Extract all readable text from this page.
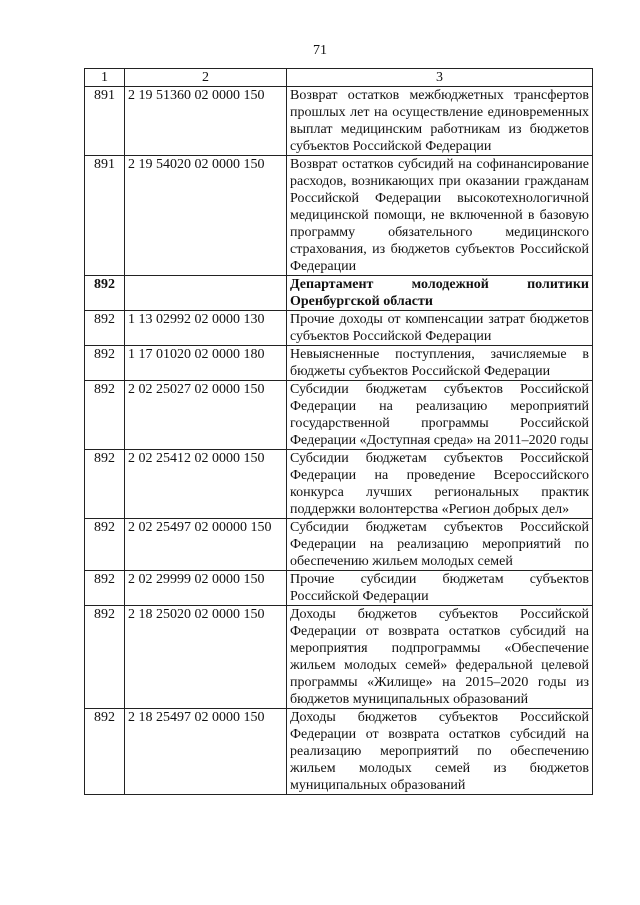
71
1	2	3
891	2 19 51360 02 0000 150	Возврат остатков межбюджетных трансфертов прошлых лет на осуществление единовременных выплат медицинским работникам из бюджетов субъектов Российской Федерации
891	2 19 54020 02 0000 150	Возврат остатков субсидий на софинансирование расходов, возникающих при оказании гражданам Российской Федерации высокотехнологичной медицинской помощи, не включенной в базовую программу обязательного медицинского страхования, из бюджетов субъектов Российской Федерации
892		Департамент молодежной политики Оренбургской области
892	1 13 02992 02 0000 130	Прочие доходы от компенсации затрат бюджетов субъектов Российской Федерации
892	1 17 01020 02 0000 180	Невыясненные поступления, зачисляемые в бюджеты субъектов Российской Федерации
892	2 02 25027 02 0000 150	Субсидии бюджетам субъектов Российской Федерации на реализацию мероприятий государственной программы Российской Федерации «Доступная среда» на 2011–2020 годы
892	2 02 25412 02 0000 150	Субсидии бюджетам субъектов Российской Федерации на проведение Всероссийского конкурса лучших региональных практик поддержки волонтерства «Регион добрых дел»
892	2 02 25497 02 00000 150	Субсидии бюджетам субъектов Российской Федерации на реализацию мероприятий по обеспечению жильем молодых семей
892	2 02 29999 02 0000 150	Прочие субсидии бюджетам субъектов Российской Федерации
892	2 18 25020 02 0000 150	Доходы бюджетов субъектов Российской Федерации от возврата остатков субсидий на мероприятия подпрограммы «Обеспечение жильем молодых семей» федеральной целевой программы «Жилище» на 2015–2020 годы из бюджетов муниципальных образований
892	2 18 25497 02 0000 150	Доходы бюджетов субъектов Российской Федерации от возврата остатков субсидий на реализацию мероприятий по обеспечению жильем молодых семей из бюджетов муниципальных образований
